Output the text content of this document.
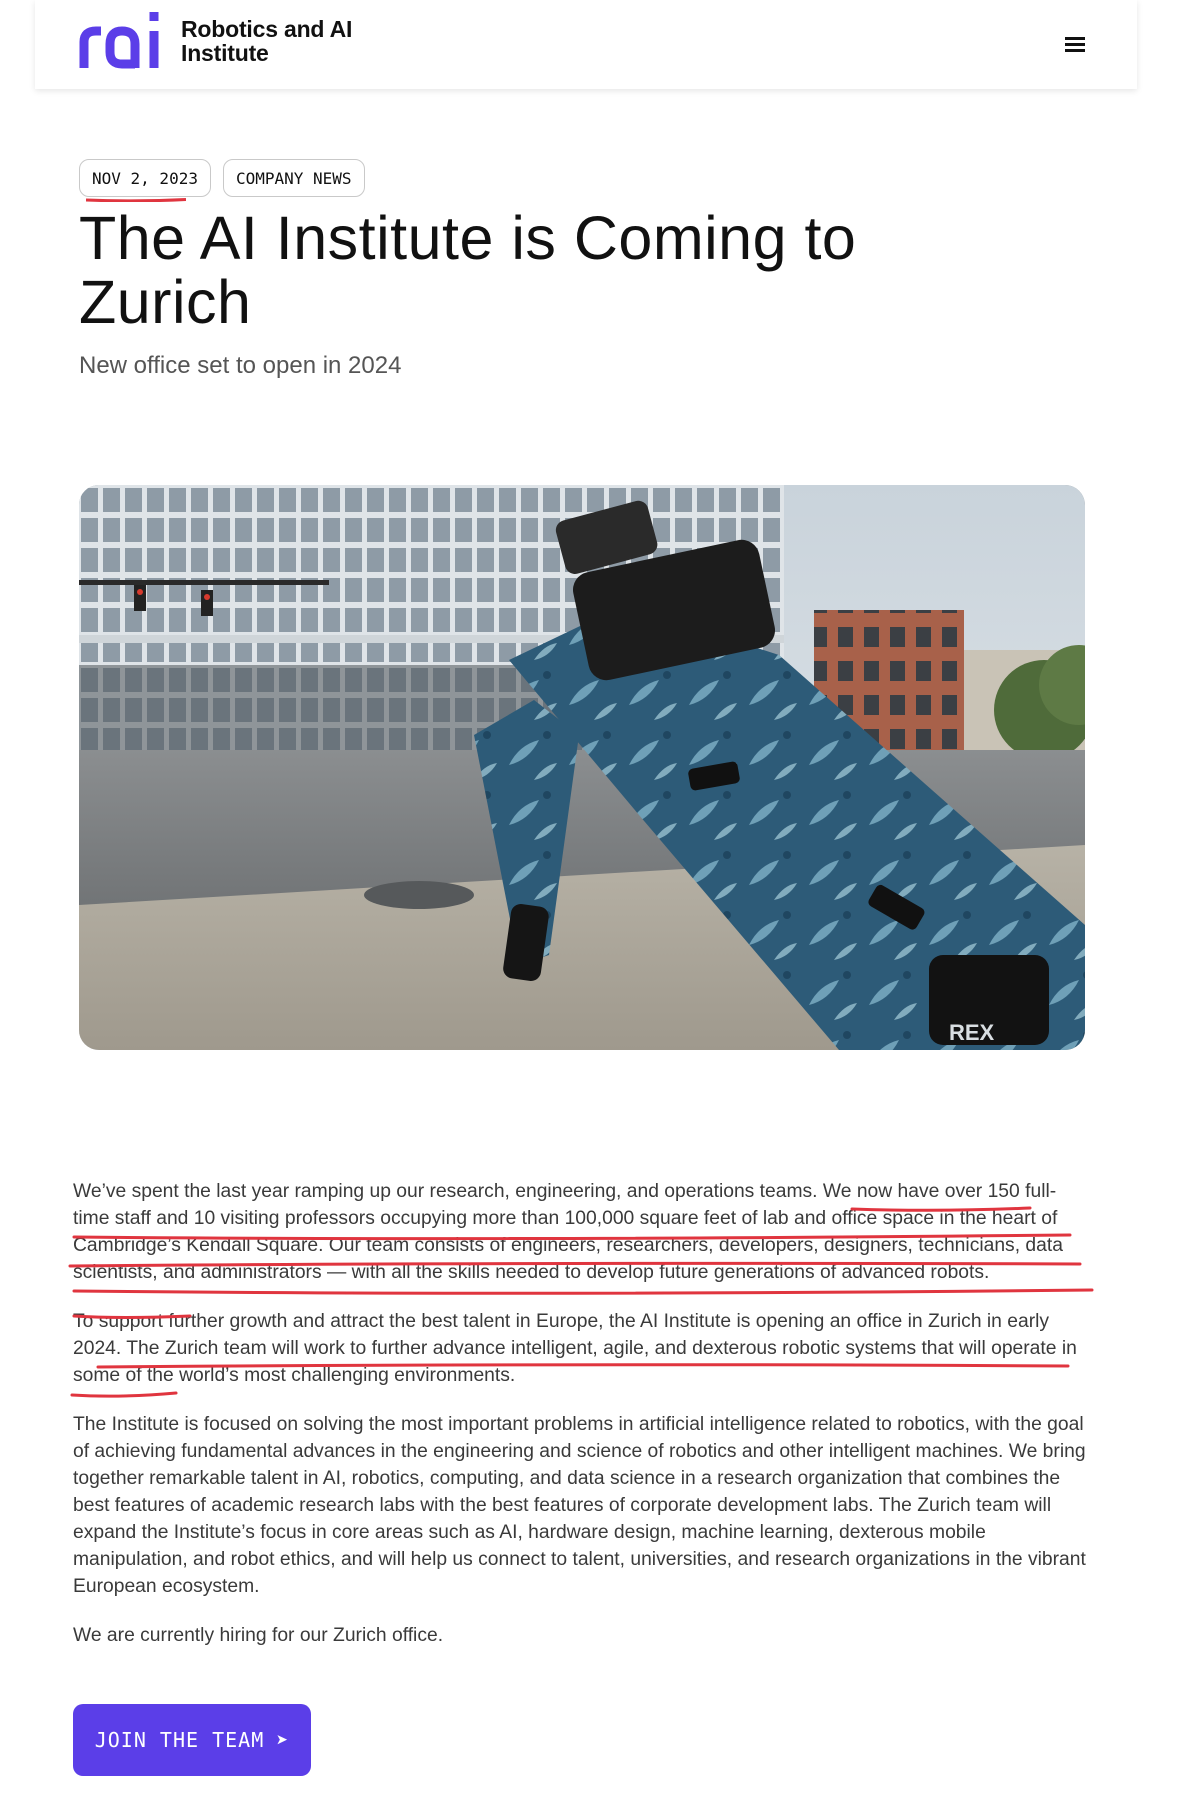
Robotics and AI
Institute
NOV 2, 2023 COMPANY NEWS
The AI Institute is Coming to Zurich
New office set to open in 2024
REX

We’ve spent the last year ramping up our research, engineering, and operations teams. We now have over 150 full-time staff and 10 visiting professors occupying more than 100,000 square feet of lab and office space in the heart of Cambridge’s Kendall Square. Our team consists of engineers, researchers, developers, designers, technicians, data scientists, and administrators — with all the skills needed to develop future generations of advanced robots.

To support further growth and attract the best talent in Europe, the AI Institute is opening an office in Zurich in early 2024. The Zurich team will work to further advance intelligent, agile, and dexterous robotic systems that will operate in some of the world’s most challenging environments.

The Institute is focused on solving the most important problems in artificial intelligence related to robotics, with the goal of achieving fundamental advances in the engineering and science of robotics and other intelligent machines. We bring together remarkable talent in AI, robotics, computing, and data science in a research organization that combines the best features of academic research labs with the best features of corporate development labs. The Zurich team will expand the Institute’s focus in core areas such as AI, hardware design, machine learning, dexterous mobile manipulation, and robot ethics, and will help us connect to talent, universities, and research organizations in the vibrant European ecosystem.

We are currently hiring for our Zurich office.

JOIN THE TEAM ➤
